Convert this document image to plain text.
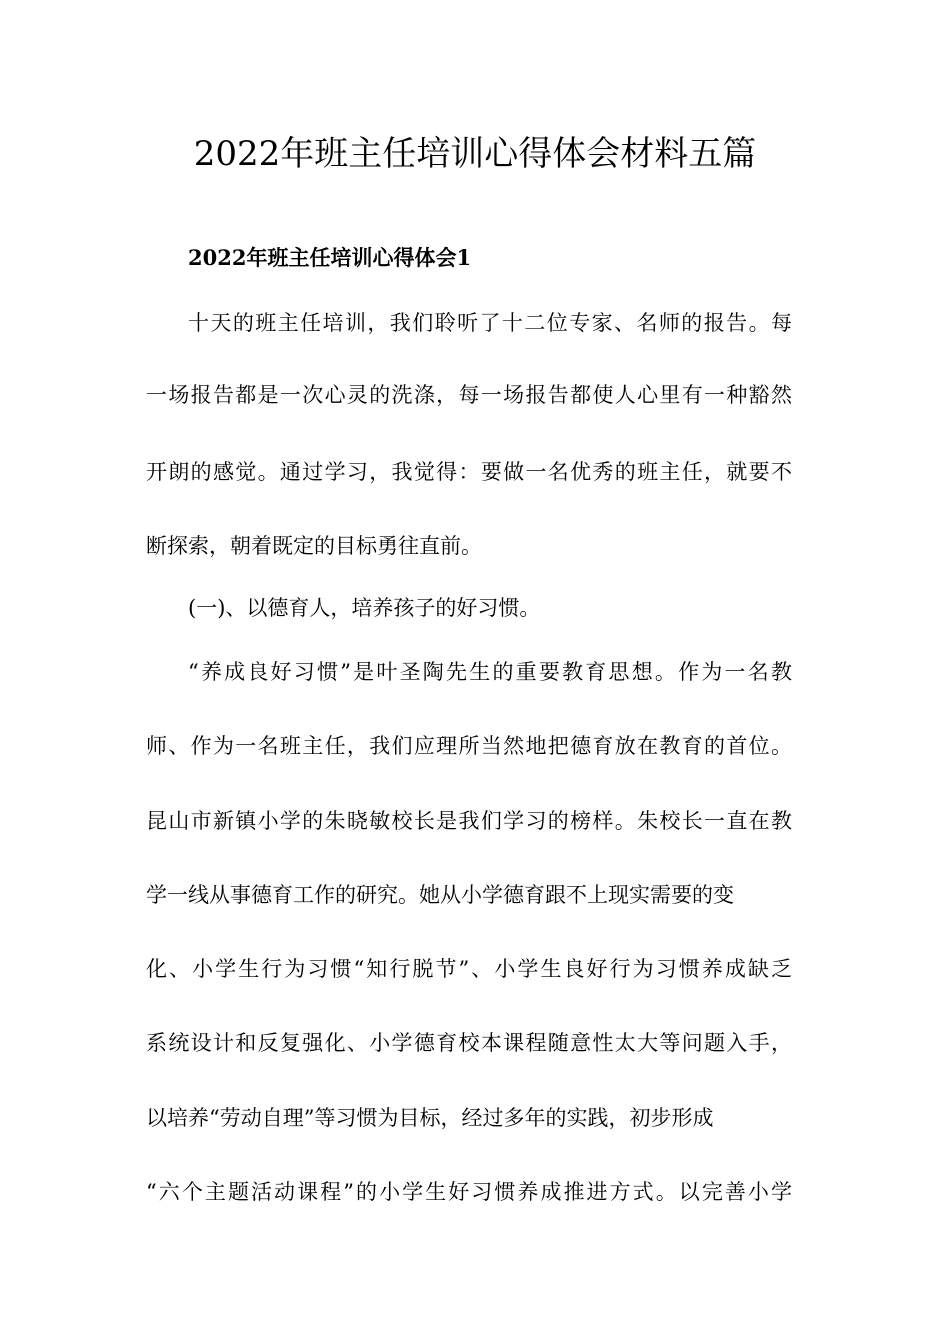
2022年班主任培训心得体会材料五篇
2022年班主任培训心得体会1
十天的班主任培训，我们聆听了十二位专家、名师的报告。每
一场报告都是一次心灵的洗涤，每一场报告都使人心里有一种豁然
开朗的感觉。通过学习，我觉得：要做一名优秀的班主任，就要不
断探索，朝着既定的目标勇往直前。
(一)、以德育人，培养孩子的好习惯。
“养成良好习惯”是叶圣陶先生的重要教育思想。作为一名教
师、作为一名班主任，我们应理所当然地把德育放在教育的首位。
昆山市新镇小学的朱晓敏校长是我们学习的榜样。朱校长一直在教
学一线从事德育工作的研究。她从小学德育跟不上现实需要的变
化、小学生行为习惯“知行脱节”、小学生良好行为习惯养成缺乏
系统设计和反复强化、小学德育校本课程随意性太大等问题入手，
以培养“劳动自理”等习惯为目标，经过多年的实践，初步形成
“六个主题活动课程”的小学生好习惯养成推进方式。以完善小学
